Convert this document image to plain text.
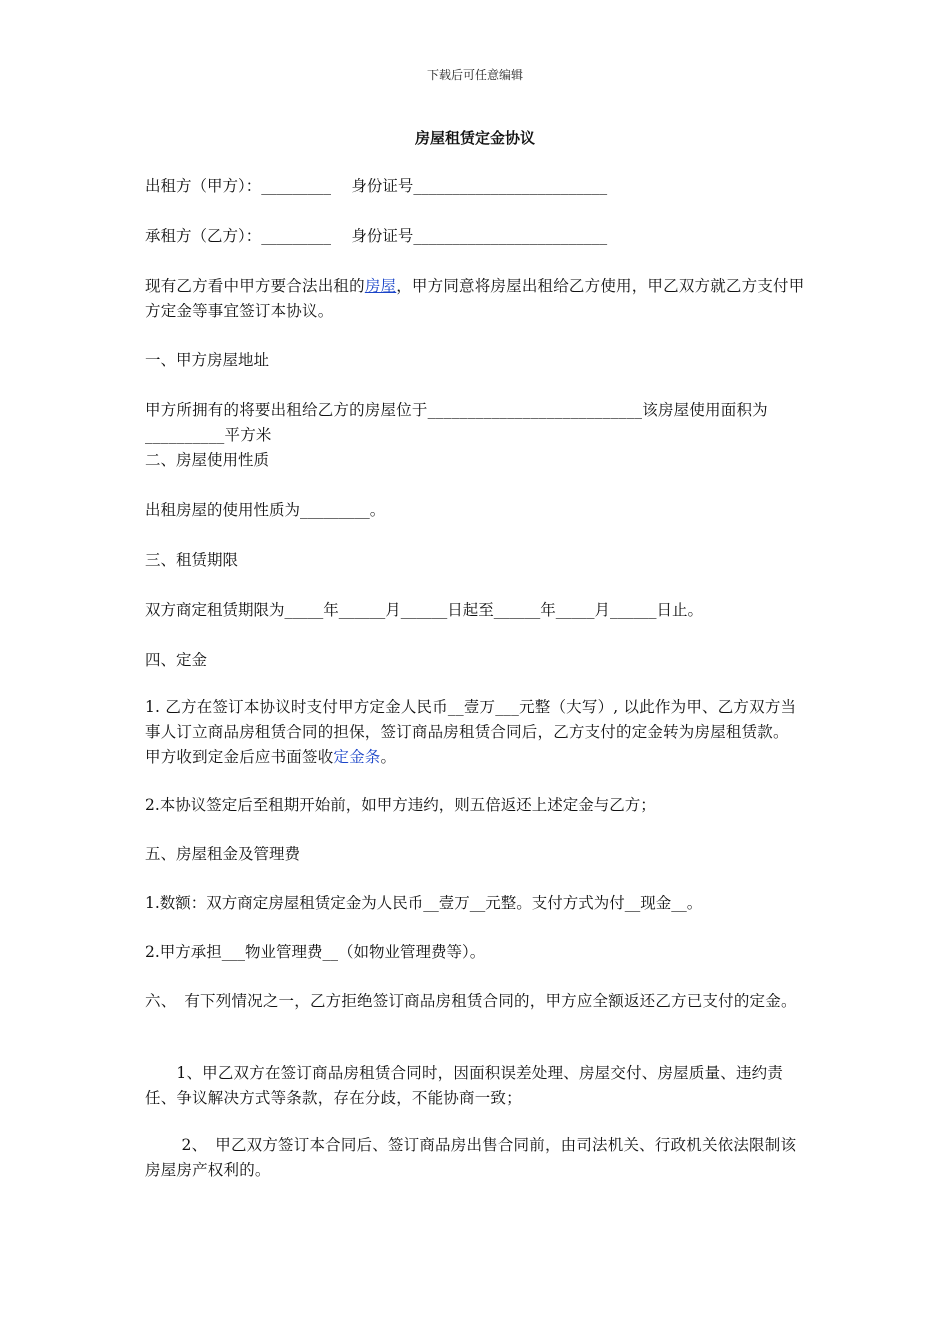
下载后可任意编辑
房屋租赁定金协议
出租方（甲方）：_________　 身份证号_________________________
承租方（乙方）：_________　 身份证号_________________________
现有乙方看中甲方要合法出租的房屋，甲方同意将房屋出租给乙方使用，甲乙双方就乙方支付甲方定金等事宜签订本协议。
一、甲方房屋地址
甲方所拥有的将要出租给乙方的房屋位于___________________________该房屋使用面积为__________平方米
二、房屋使用性质
出租房屋的使用性质为_________。
三、租赁期限
双方商定租赁期限为_____年______月______日起至______年_____月______日止。
四、定金
1. 乙方在签订本协议时支付甲方定金人民币__壹万___元整（大写）, 以此作为甲、乙方双方当事人订立商品房租赁合同的担保，签订商品房租赁合同后，乙方支付的定金转为房屋租赁款。　甲方收到定金后应书面签收定金条。
2.本协议签定后至租期开始前，如甲方违约，则五倍返还上述定金与乙方；
五、房屋租金及管理费
1.数额：双方商定房屋租赁定金为人民币__壹万__元整。支付方式为付__现金__。
2.甲方承担___物业管理费__（如物业管理费等）。
六、　有下列情况之一，乙方拒绝签订商品房租赁合同的，甲方应全额返还乙方已支付的定金。
　　1、甲乙双方在签订商品房租赁合同时，因面积误差处理、房屋交付、房屋质量、违约责任、争议解决方式等条款，存在分歧，不能协商一致；
　　 2、　甲乙双方签订本合同后、签订商品房出售合同前，由司法机关、行政机关依法限制该房屋房产权利的。
